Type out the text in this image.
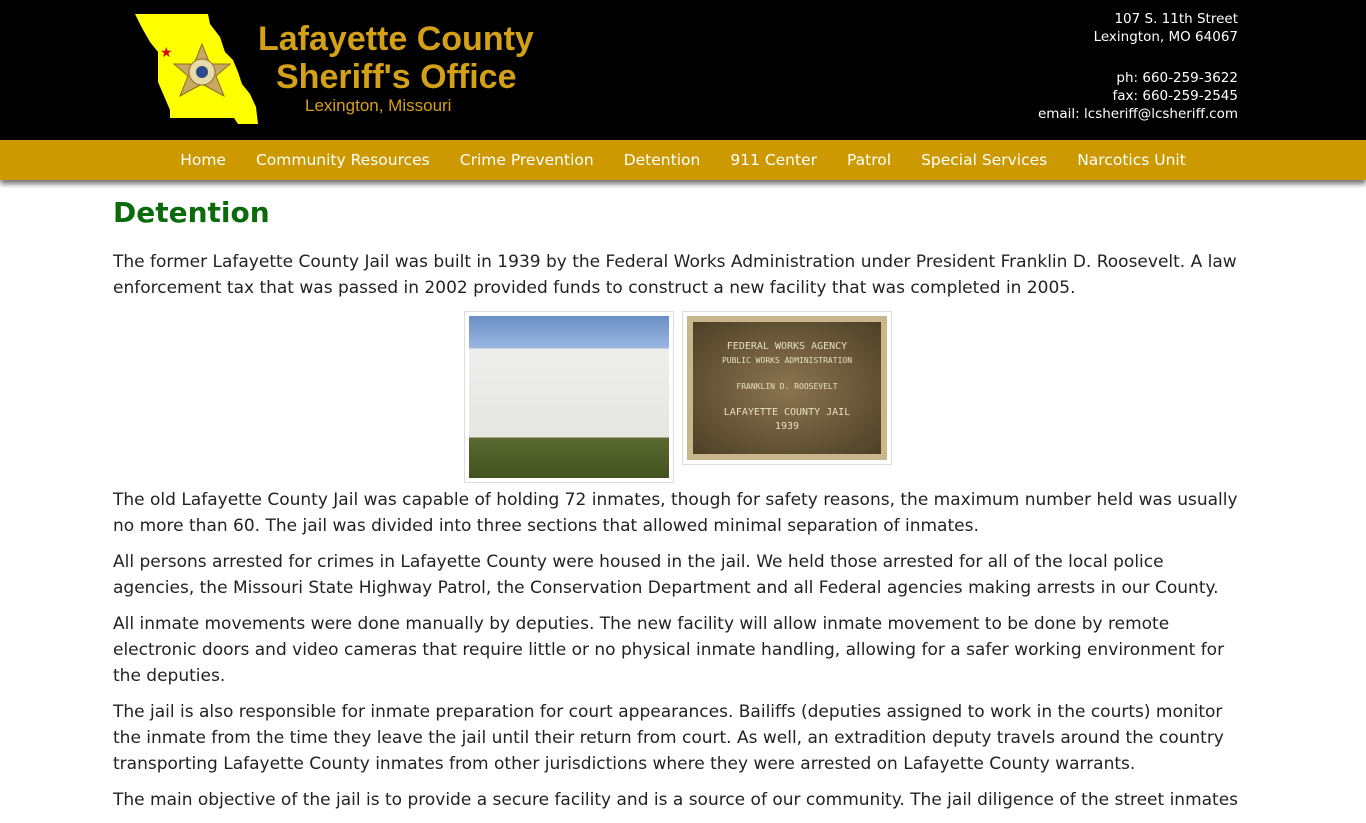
★	Lafayette County
Sheriff's Office
Lexington, Missouri
107 S. 11th Street
Lexington, MO 64067
ph: 660-259-3622
fax: 660-259-2545
email: lcsheriff@lcsheriff.com
Home	Community Resources	Crime Prevention	Detention	911 Center	Patrol	Special Services	Narcotics Unit
Detention

The former Lafayette County Jail was built in 1939 by the Federal Works Administration under President Franklin D. Roosevelt. A law enforcement tax that was passed in 2002 provided funds to construct a new facility that was completed in 2005.

FEDERAL WORKS AGENCY
PUBLIC WORKS ADMINISTRATION
FRANKLIN D. ROOSEVELT
LAFAYETTE COUNTY JAIL
1939

The old Lafayette County Jail was capable of holding 72 inmates, though for safety reasons, the maximum number held was usually no more than 60. The jail was divided into three sections that allowed minimal separation of inmates.

All persons arrested for crimes in Lafayette County were housed in the jail. We held those arrested for all of the local police agencies, the Missouri State Highway Patrol, the Conservation Department and all Federal agencies making arrests in our County.

All inmate movements were done manually by deputies. The new facility will allow inmate movement to be done by remote electronic doors and video cameras that require little or no physical inmate handling, allowing for a safer working environment for the deputies.

The jail is also responsible for inmate preparation for court appearances. Bailiffs (deputies assigned to work in the courts) monitor the inmate from the time they leave the jail until their return from court. As well, an extradition deputy travels around the country transporting Lafayette County inmates from other jurisdictions where they were arrested on Lafayette County warrants.

The main objective of the jail is to provide a secure facility and is a source of our community. The jail diligence of the street inmates
